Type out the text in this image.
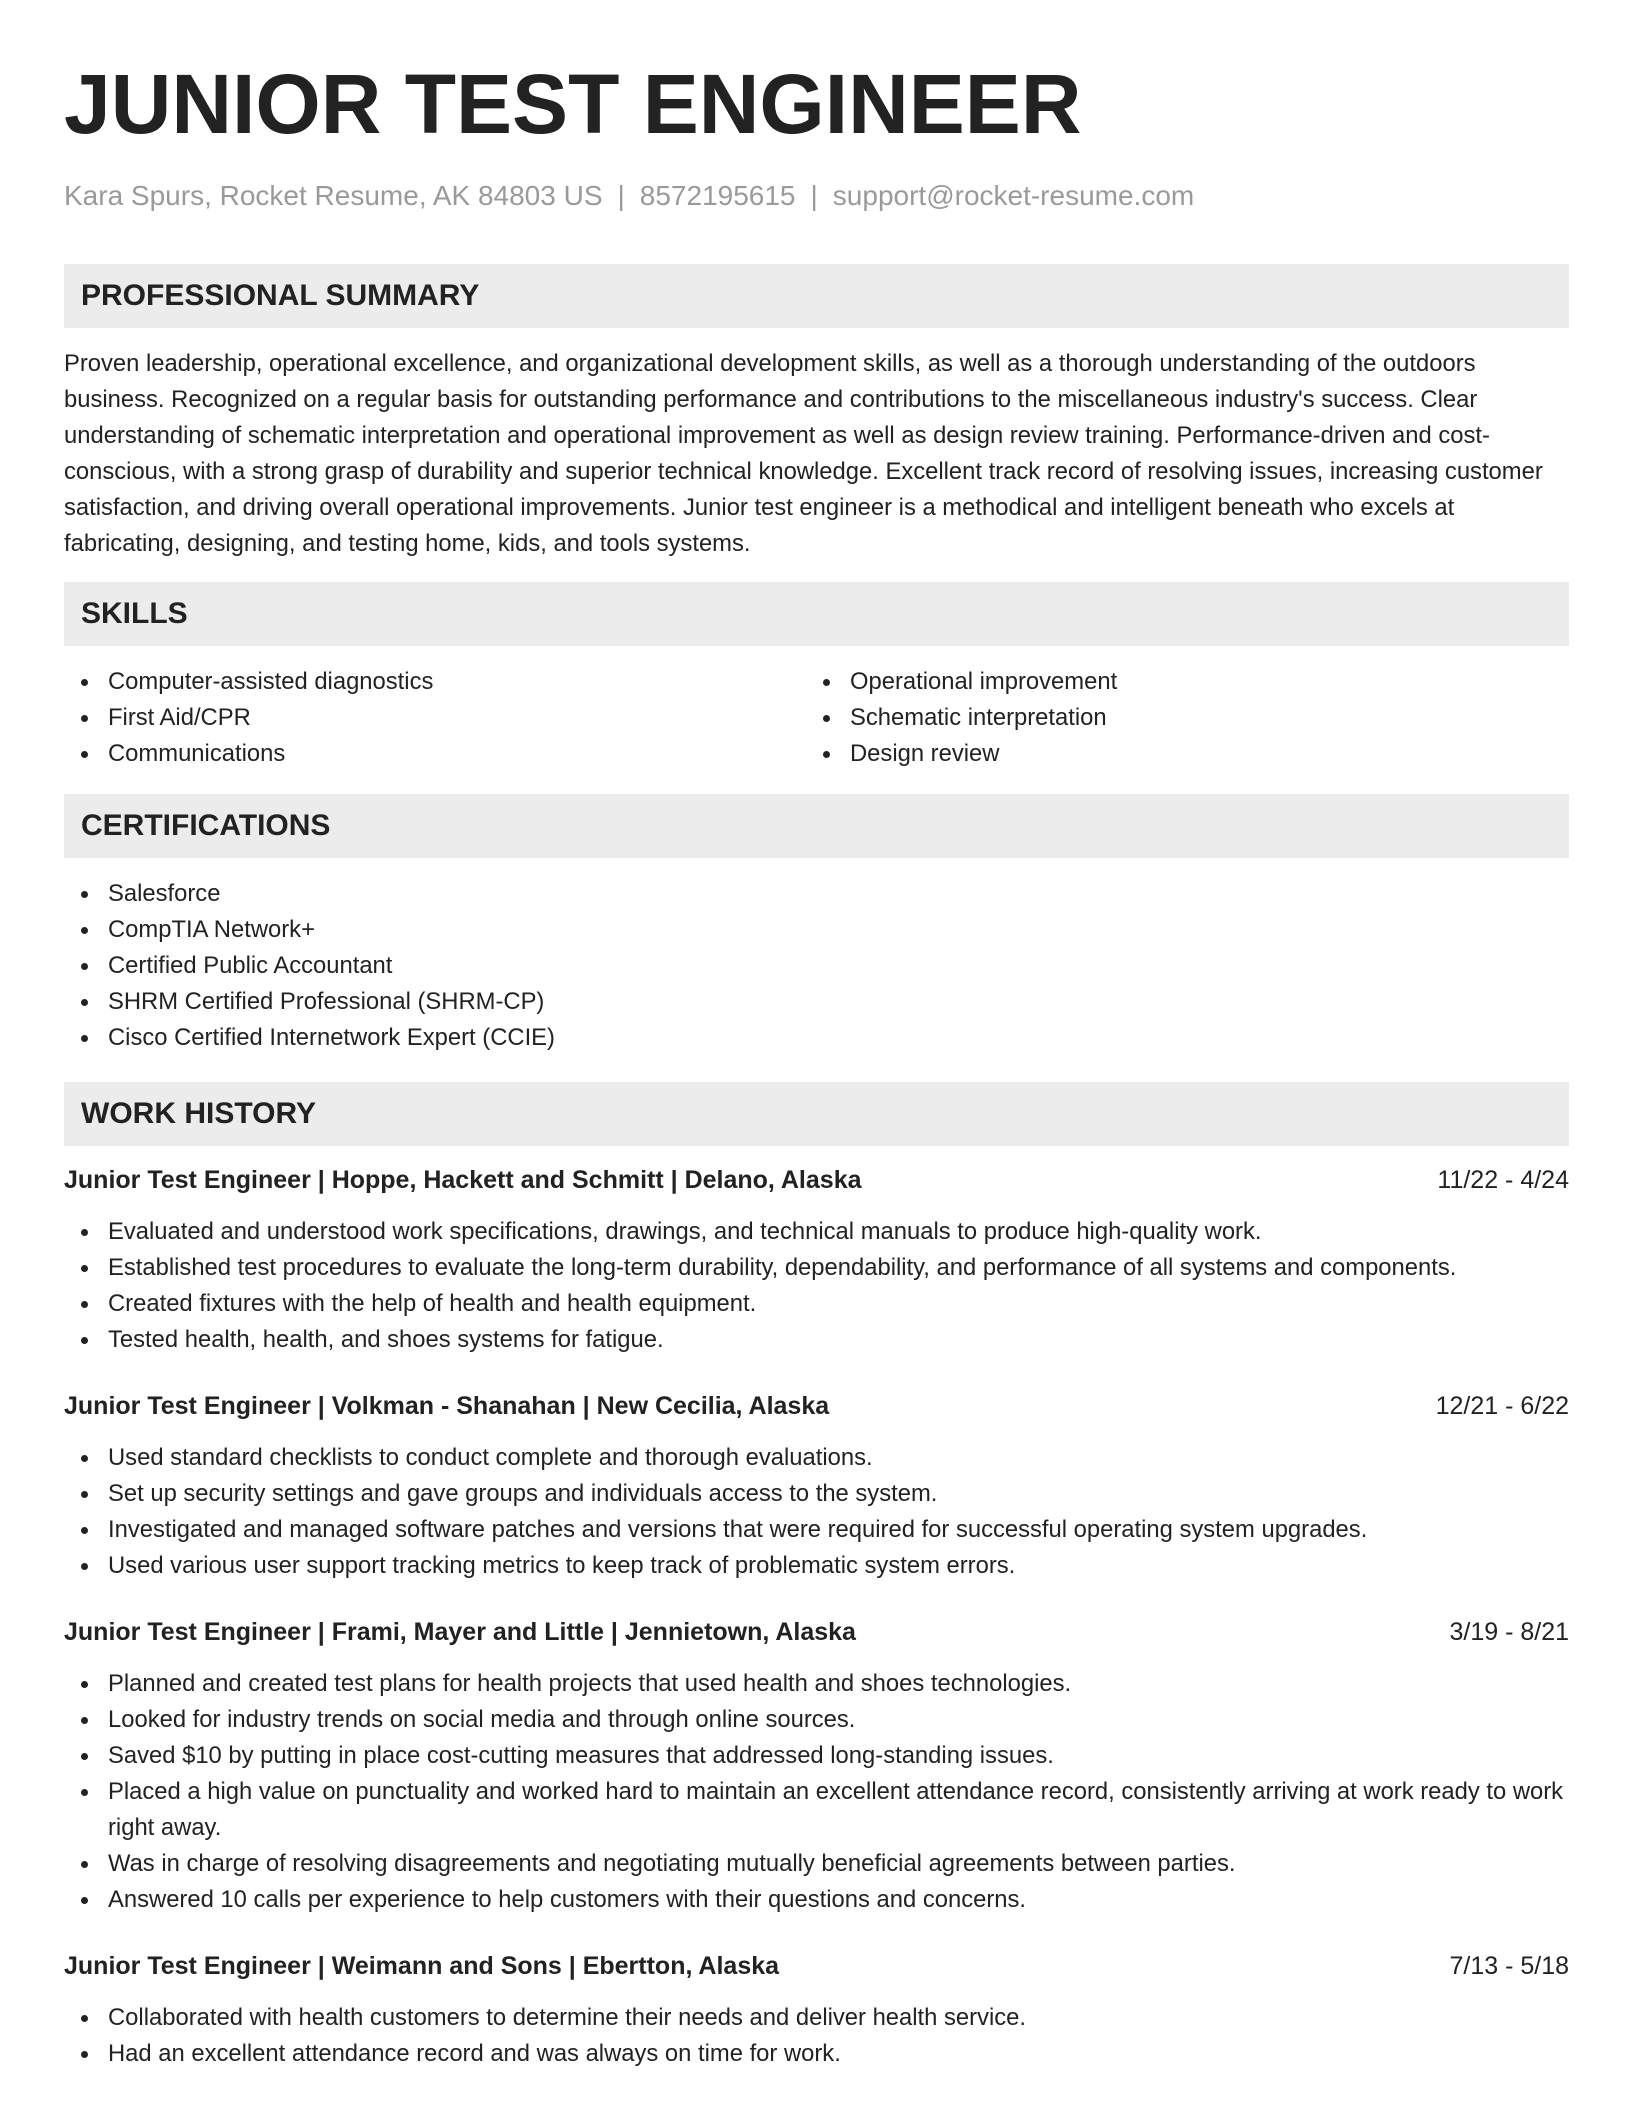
JUNIOR TEST ENGINEER
Kara Spurs, Rocket Resume, AK 84803 US | 8572195615 | support@rocket-resume.com
PROFESSIONAL SUMMARY

Proven leadership, operational excellence, and organizational development skills, as well as a thorough understanding of the outdoors business. Recognized on a regular basis for outstanding performance and contributions to the miscellaneous industry's success. Clear understanding of schematic interpretation and operational improvement as well as design review training. Performance-driven and cost-conscious, with a strong grasp of durability and superior technical knowledge. Excellent track record of resolving issues, increasing customer satisfaction, and driving overall operational improvements. Junior test engineer is a methodical and intelligent beneath who excels at fabricating, designing, and testing home, kids, and tools systems.

SKILLS
Computer-assisted diagnostics
First Aid/CPR
Communications
Operational improvement
Schematic interpretation
Design review
CERTIFICATIONS
Salesforce
CompTIA Network+
Certified Public Accountant
SHRM Certified Professional (SHRM-CP)
Cisco Certified Internetwork Expert (CCIE)
WORK HISTORY
Junior Test Engineer | Hoppe, Hackett and Schmitt | Delano, Alaska	11/22 - 4/24
Evaluated and understood work specifications, drawings, and technical manuals to produce high-quality work.
Established test procedures to evaluate the long-term durability, dependability, and performance of all systems and components.
Created fixtures with the help of health and health equipment.
Tested health, health, and shoes systems for fatigue.
Junior Test Engineer | Volkman - Shanahan | New Cecilia, Alaska	12/21 - 6/22
Used standard checklists to conduct complete and thorough evaluations.
Set up security settings and gave groups and individuals access to the system.
Investigated and managed software patches and versions that were required for successful operating system upgrades.
Used various user support tracking metrics to keep track of problematic system errors.
Junior Test Engineer | Frami, Mayer and Little | Jennietown, Alaska	3/19 - 8/21
Planned and created test plans for health projects that used health and shoes technologies.
Looked for industry trends on social media and through online sources.
Saved $10 by putting in place cost-cutting measures that addressed long-standing issues.
Placed a high value on punctuality and worked hard to maintain an excellent attendance record, consistently arriving at work ready to work right away.
Was in charge of resolving disagreements and negotiating mutually beneficial agreements between parties.
Answered 10 calls per experience to help customers with their questions and concerns.
Junior Test Engineer | Weimann and Sons | Ebertton, Alaska	7/13 - 5/18
Collaborated with health customers to determine their needs and deliver health service.
Had an excellent attendance record and was always on time for work.
